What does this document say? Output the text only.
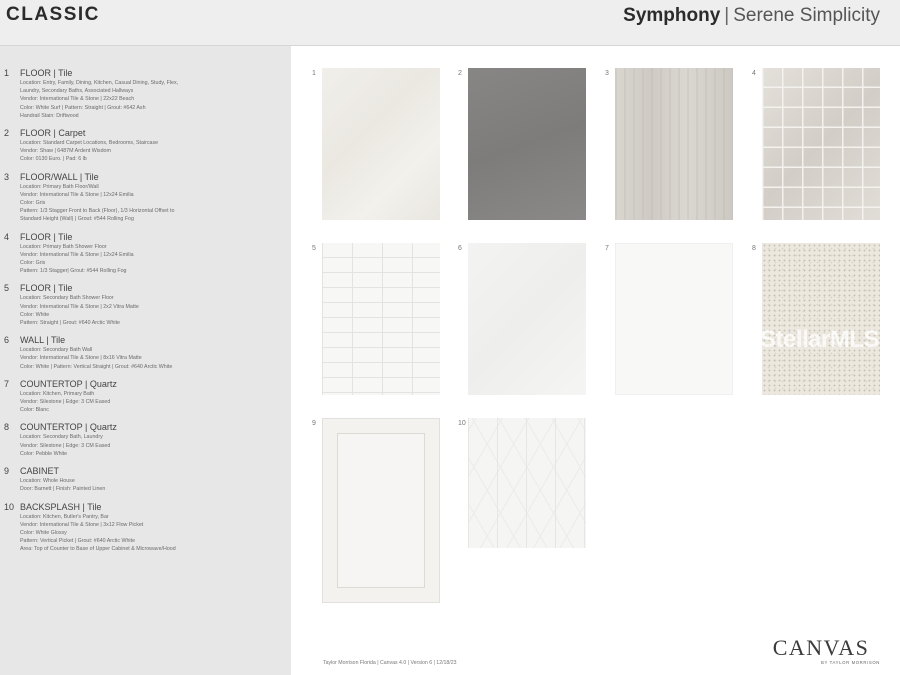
CLASSIC	Symphony | Serene Simplicity
1	FLOOR | Tile
Location: Entry, Family, Dining, Kitchen, Casual Dining, Study, Flex,
Laundry, Secondary Baths, Associated Hallways
Vendor: International Tile & Stone | 22x22 Beach
Color: White Surf | Pattern: Straight | Grout: #642 Ash
Handrail Stain: Driftwood
2	FLOOR | Carpet
Location: Standard Carpet Locations, Bedrooms, Staircase
Vendor: Shaw | 6487M Ardent Wisdom
Color: 0130 Euro. | Pad: 6 lb
3	FLOOR/WALL | Tile
Location: Primary Bath Floor/Wall
Vendor: International Tile & Stone | 12x24 Emilia
Color: Gris
Pattern: 1/3 Stagger Front to Back (Floor), 1/3 Horizontal Offset to
Standard Height (Wall) | Grout: #544 Rolling Fog
4	FLOOR | Tile
Location: Primary Bath Shower Floor
Vendor: International Tile & Stone | 12x24 Emilia
Color: Gris
Pattern: 1/3 Stagger| Grout: #544 Rolling Fog
5	FLOOR | Tile
Location: Secondary Bath Shower Floor
Vendor: International Tile & Stone | 2x2 Vitra Matte
Color: White
Pattern: Straight | Grout: #640 Arctic White
6	WALL | Tile
Location: Secondary Bath Wall
Vendor: International Tile & Stone | 8x16 Vitra Matte
Color: White | Pattern: Vertical Straight | Grout: #640 Arctic White
7	COUNTERTOP | Quartz
Location: Kitchen, Primary Bath
Vendor: Silestone | Edge: 3 CM Eased
Color: Blanc
8	COUNTERTOP | Quartz
Location: Secondary Bath, Laundry
Vendor: Silestone | Edge: 3 CM Eased
Color: Pebble White
9	CABINET
Location: Whole House
Door: Barnett | Finish: Painted Linen
10 BACKSPLASH | Tile
Location: Kitchen, Butler's Pantry, Bar
Vendor: International Tile & Stone | 3x12 Flow Picket
Color: White Glossy
Pattern: Vertical Picket | Grout: #640 Arctic White
Area: Top of Counter to Base of Upper Cabinet & Microwave/Hood
1	2	3	4
5	6	7	8
9	10
StellarMLS
Taylor Morrison Florida | Canvas 4.0 | Version 6 | 12/18/23
CANVAS
BY TAYLOR MORRISON
